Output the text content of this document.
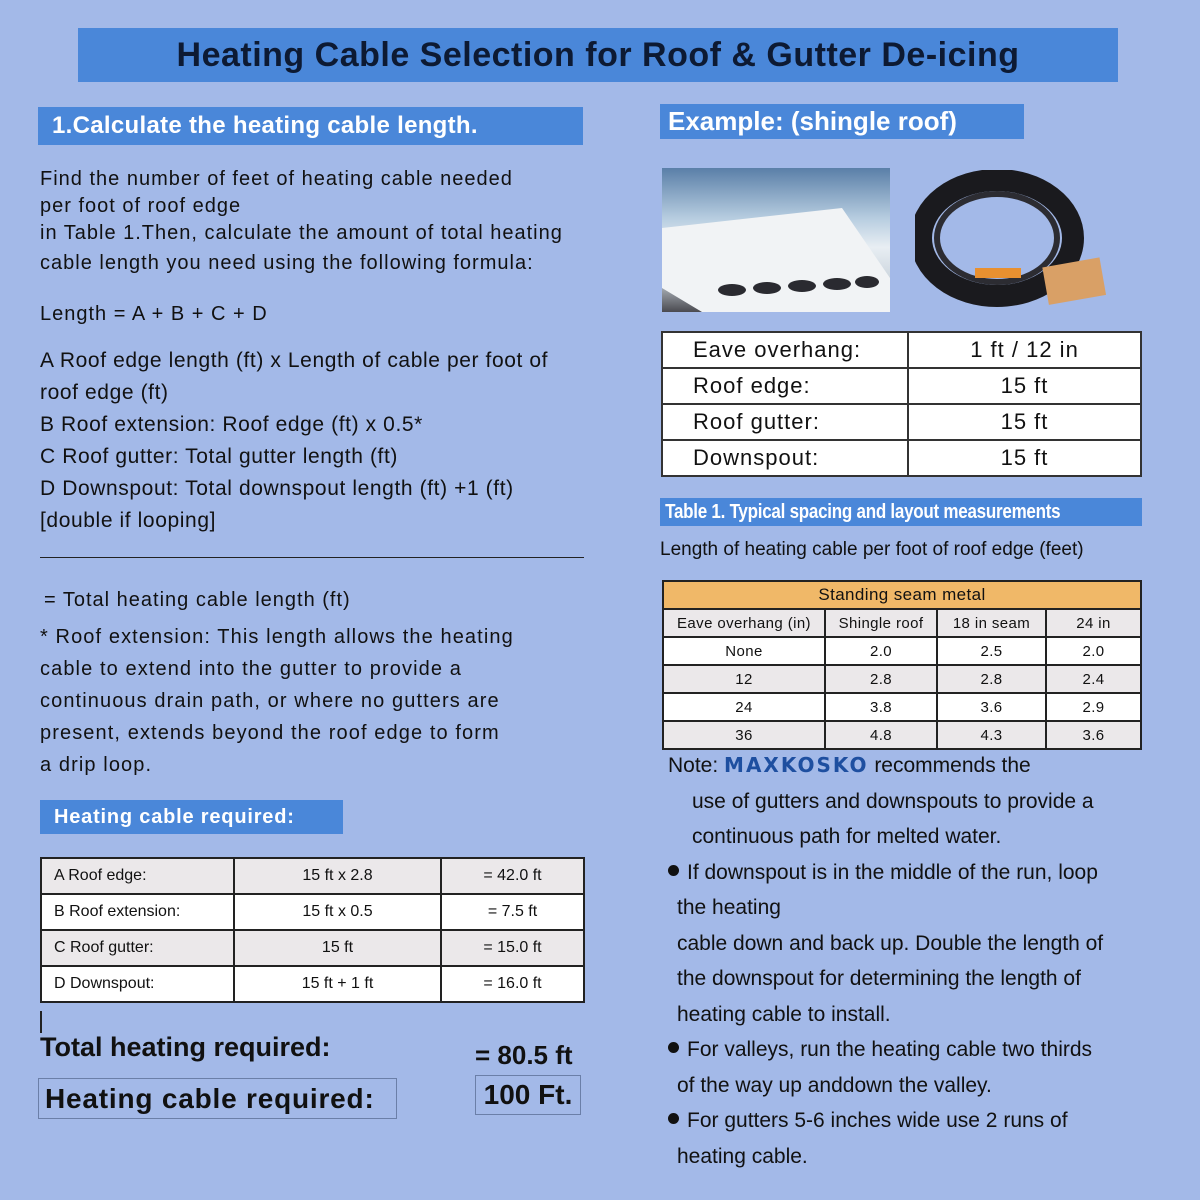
Heating Cable Selection for Roof & Gutter De-icing
1.Calculate the heating cable length.
Find the number of feet of heating cable needed
per foot of roof edge
in Table 1.Then, calculate the amount of total heating
cable length you need using the following formula:
Length = A + B + C + D
A Roof edge length (ft) x Length of cable per foot of
roof edge (ft)
B Roof extension: Roof edge (ft) x 0.5*
C Roof gutter: Total gutter length (ft)
D Downspout: Total downspout length (ft) +1 (ft)
[double if looping]
= Total heating cable length (ft)
* Roof extension: This length allows the heating
cable to extend into the gutter to provide a
continuous drain path, or where no gutters are
present, extends beyond the roof edge to form
a drip loop.
Heating cable required:
A Roof edge:	15 ft x 2.8	= 42.0 ft
B Roof extension:	15 ft x 0.5	= 7.5 ft
C Roof gutter:	15 ft	= 15.0 ft
D Downspout:	15 ft + 1 ft	= 16.0 ft
Total heating required:	= 80.5 ft
Heating cable required:	100 Ft.
Example: (shingle roof)
Eave overhang:	1 ft / 12 in
Roof edge:	15 ft
Roof gutter:	15 ft
Downspout:	15 ft
Table 1. Typical spacing and layout measurements
Length of heating cable per foot of roof edge (feet)
Standing seam metal			
Eave overhang (in)	Shingle roof	18 in seam	24 in
None	2.0	2.5	2.0
12	2.8	2.8	2.4
24	3.8	3.6	2.9
36	4.8	4.3	3.6
Note: MAXKOSKO recommends the
use of gutters and downspouts to provide a
continuous path for melted water.
If downspout is in the middle of the run, loop
the heating
cable down and back up. Double the length of
the downspout for determining the length of
heating cable to install.
For valleys, run the heating cable two thirds
of the way up anddown the valley.
For gutters 5-6 inches wide use 2 runs of
heating cable.
